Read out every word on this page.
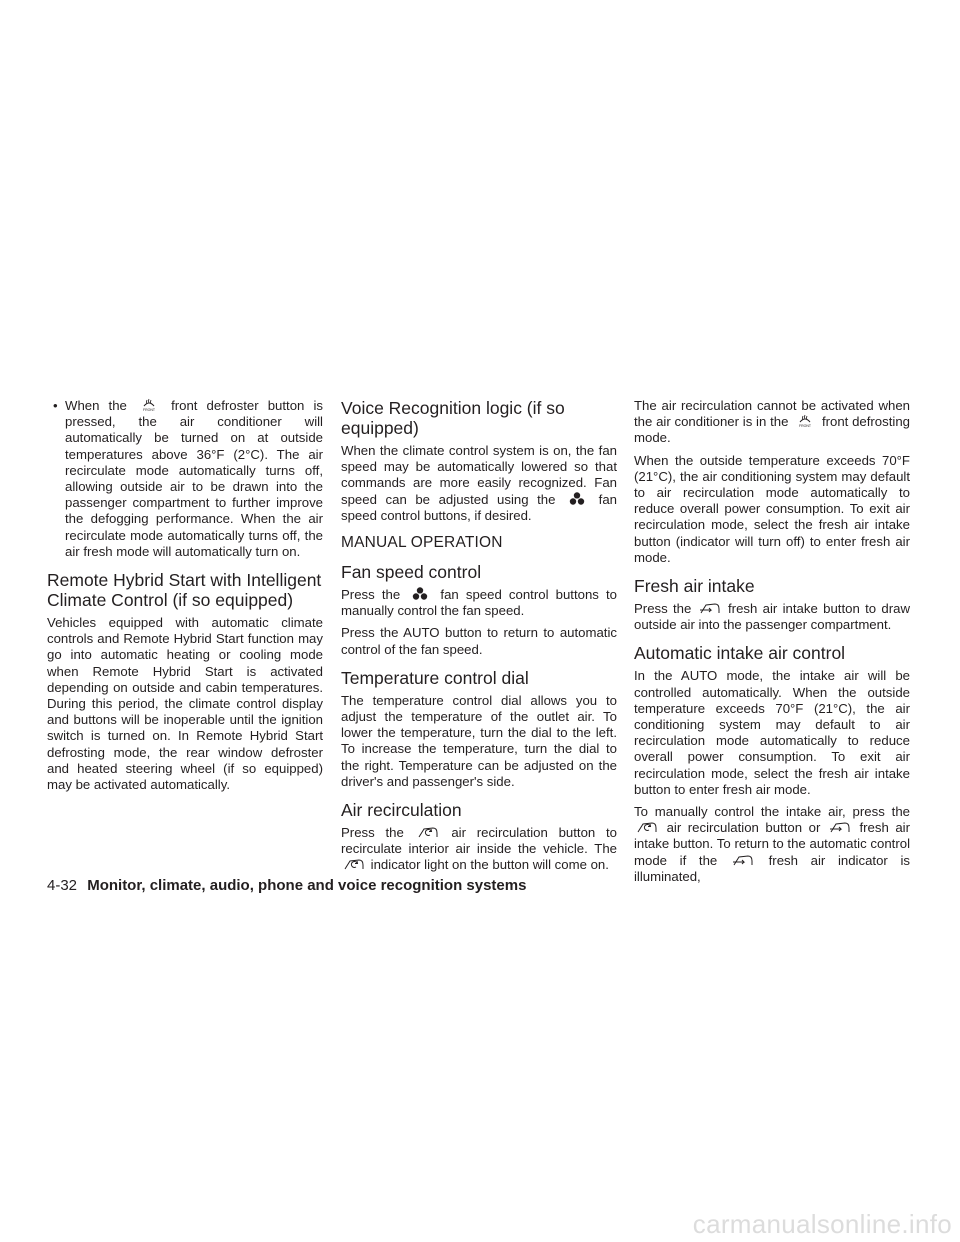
• When the	FRONT front defroster button is pressed, the air conditioner will automatically be turned on at outside temperatures above 36°F (2°C). The air recirculate mode automatically turns off, allowing outside air to be drawn into the passenger compartment to further improve the defogging performance. When the air recirculate mode automatically turns off, the air fresh mode will automatically turn on.

Remote Hybrid Start with Intelligent Climate Control (if so equipped)

Vehicles equipped with automatic climate controls and Remote Hybrid Start function may go into automatic heating or cooling mode when Remote Hybrid Start is activated depending on outside and cabin temperatures. During this period, the climate control display and buttons will be inoperable until the ignition switch is turned on. In Remote Hybrid Start defrosting mode, the rear window defroster and heated steering wheel (if so equipped) may be activated automatically.

Voice Recognition logic (if so equipped)

When the climate control system is on, the fan speed may be automatically lowered so that commands are more easily recognized. Fan speed can be adjusted using the	fan speed control buttons, if desired.

MANUAL OPERATION
Fan speed control

Press the	fan speed control buttons to manually control the fan speed.

Press the AUTO button to return to automatic control of the fan speed.

Temperature control dial

The temperature control dial allows you to adjust the temperature of the outlet air. To lower the temperature, turn the dial to the left. To increase the temperature, turn the dial to the right. Temperature can be adjusted on the driver's and passenger's side.

Air recirculation

Press the	air recirculation button to recirculate interior air inside the vehicle. The
indicator light on the button will come on.

The air recirculation cannot be activated when the air conditioner is in the	FRONT front defrosting mode.

When the outside temperature exceeds 70°F (21°C), the air conditioning system may default to air recirculation mode automatically to reduce overall power consumption. To exit air recirculation mode, select the fresh air intake button (indicator will turn off) to enter fresh air mode.

Fresh air intake

Press the	fresh air intake button to draw outside air into the passenger compartment.

Automatic intake air control

In the AUTO mode, the intake air will be controlled automatically. When the outside temperature exceeds 70°F (21°C), the air conditioning system may default to air recirculation mode automatically to reduce overall power consumption. To exit air recirculation mode, select the fresh air intake button to enter fresh air mode.

To manually control the intake air, press the
air recirculation button or	fresh air intake button. To return to the automatic control mode if the	fresh air indicator is illuminated,

4-32 Monitor, climate, audio, phone and voice recognition systems
carmanualsonline.info
